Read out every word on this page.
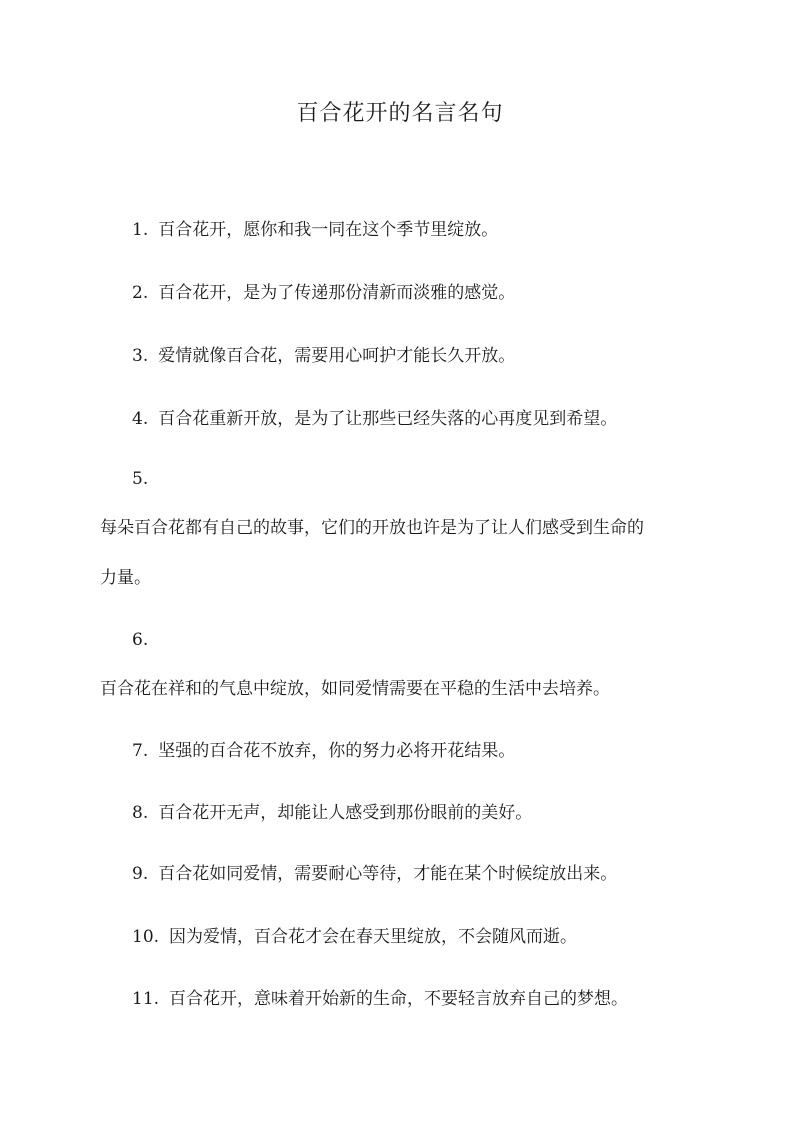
百合花开的名言名句

1. 百合花开，愿你和我一同在这个季节里绽放。

2. 百合花开，是为了传递那份清新而淡雅的感觉。

3. 爱情就像百合花，需要用心呵护才能长久开放。

4. 百合花重新开放，是为了让那些已经失落的心再度见到希望。

5.

每朵百合花都有自己的故事，它们的开放也许是为了让人们感受到生命的

力量。

6.

百合花在祥和的气息中绽放，如同爱情需要在平稳的生活中去培养。

7. 坚强的百合花不放弃，你的努力必将开花结果。

8. 百合花开无声，却能让人感受到那份眼前的美好。

9. 百合花如同爱情，需要耐心等待，才能在某个时候绽放出来。

10. 因为爱情，百合花才会在春天里绽放，不会随风而逝。

11. 百合花开，意味着开始新的生命，不要轻言放弃自己的梦想。
